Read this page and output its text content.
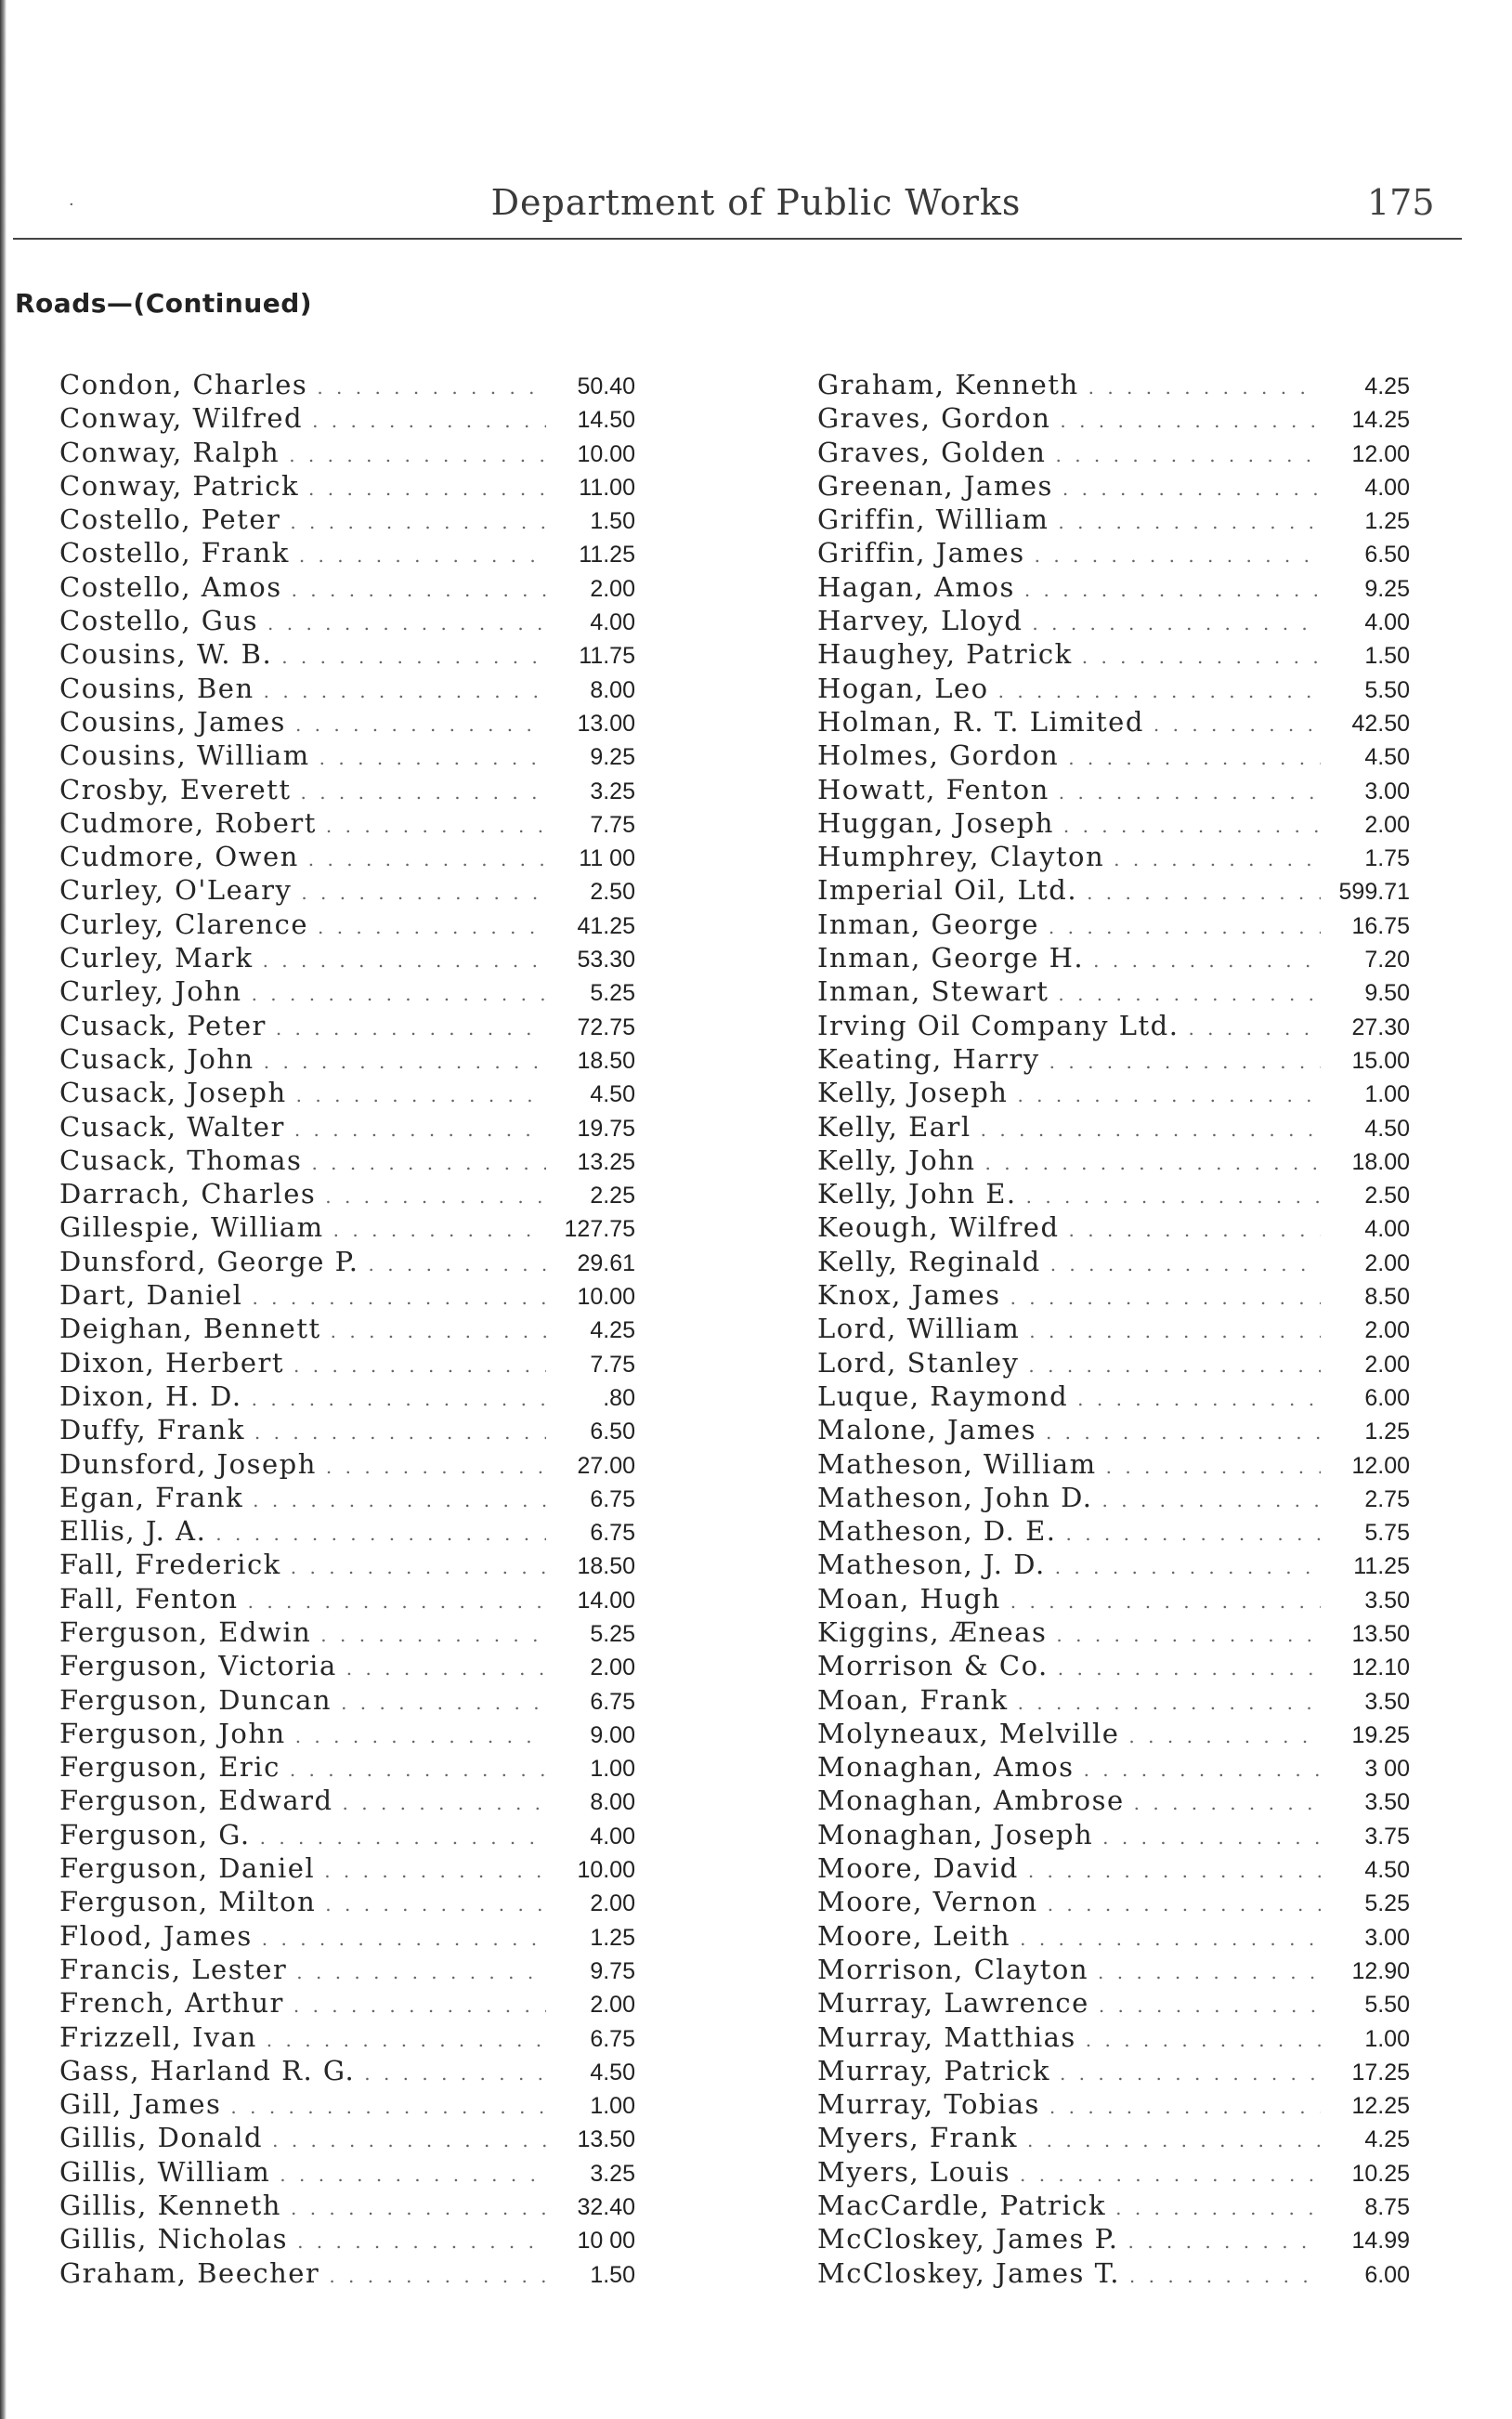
·	Department of Public Works	175
Roads—(Continued)
Condon, Charles . . .	50.40
Conway, Wilfred . . .	14.50
Conway, Ralph . . .	10.00
Conway, Patrick . . .	11.00
Costello, Peter . . .	1.50
Costello, Frank . . .	11.25
Costello, Amos . . .	2.00
Costello, Gus . . .	4.00
Cousins, W. B. . . .	11.75
Cousins, Ben . . .	8.00
Cousins, James . . .	13.00
Cousins, William . . .	9.25
Crosby, Everett . . .	3.25
Cudmore, Robert . . .	7.75
Cudmore, Owen . . .	11 00
Curley, O'Leary . . .	2.50
Curley, Clarence . . .	41.25
Curley, Mark . . .	53.30
Curley, John . . .	5.25
Cusack, Peter . . .	72.75
Cusack, John . . .	18.50
Cusack, Joseph . . .	4.50
Cusack, Walter . . .	19.75
Cusack, Thomas . . .	13.25
Darrach, Charles . . .	2.25
Gillespie, William . . .	127.75
Dunsford, George P. . . .	29.61
Dart, Daniel . . .	10.00
Deighan, Bennett . . .	4.25
Dixon, Herbert . . .	7.75
Dixon, H. D. . . .	.80
Duffy, Frank . . .	6.50
Dunsford, Joseph . . .	27.00
Egan, Frank . . .	6.75
Ellis, J. A. . . .	6.75
Fall, Frederick . . .	18.50
Fall, Fenton . . .	14.00
Ferguson, Edwin . . .	5.25
Ferguson, Victoria . . .	2.00
Ferguson, Duncan . . .	6.75
Ferguson, John . . .	9.00
Ferguson, Eric . . .	1.00
Ferguson, Edward . . .	8.00
Ferguson, G. . . .	4.00
Ferguson, Daniel . . .	10.00
Ferguson, Milton . . .	2.00
Flood, James . . .	1.25
Francis, Lester . . .	9.75
French, Arthur . . .	2.00
Frizzell, Ivan . . .	6.75
Gass, Harland R. G. . . .	4.50
Gill, James . . .	1.00
Gillis, Donald . . .	13.50
Gillis, William . . .	3.25
Gillis, Kenneth . . .	32.40
Gillis, Nicholas . . .	10 00
Graham, Beecher . . .	1.50
Graham, Kenneth . . .	4.25
Graves, Gordon . . .	14.25
Graves, Golden . . .	12.00
Greenan, James . . .	4.00
Griffin, William . . .	1.25
Griffin, James . . .	6.50
Hagan, Amos . . .	9.25
Harvey, Lloyd . . .	4.00
Haughey, Patrick . . .	1.50
Hogan, Leo . . .	5.50
Holman, R. T. Limited . . .	42.50
Holmes, Gordon . . .	4.50
Howatt, Fenton . . .	3.00
Huggan, Joseph . . .	2.00
Humphrey, Clayton . . .	1.75
Imperial Oil, Ltd. . . .	599.71
Inman, George . . .	16.75
Inman, George H. . . .	7.20
Inman, Stewart . . .	9.50
Irving Oil Company Ltd. . . .	27.30
Keating, Harry . . .	15.00
Kelly, Joseph . . .	1.00
Kelly, Earl . . .	4.50
Kelly, John . . .	18.00
Kelly, John E. . . .	2.50
Keough, Wilfred . . .	4.00
Kelly, Reginald . . .	2.00
Knox, James . . .	8.50
Lord, William . . .	2.00
Lord, Stanley . . .	2.00
Luque, Raymond . . .	6.00
Malone, James . . .	1.25
Matheson, William . . .	12.00
Matheson, John D. . . .	2.75
Matheson, D. E. . . .	5.75
Matheson, J. D. . . .	11.25
Moan, Hugh . . .	3.50
Kiggins, Æneas . . .	13.50
Morrison & Co. . . .	12.10
Moan, Frank . . .	3.50
Molyneaux, Melville . . .	19.25
Monaghan, Amos . . .	3 00
Monaghan, Ambrose . . .	3.50
Monaghan, Joseph . . .	3.75
Moore, David . . .	4.50
Moore, Vernon . . .	5.25
Moore, Leith . . .	3.00
Morrison, Clayton . . .	12.90
Murray, Lawrence . . .	5.50
Murray, Matthias . . .	1.00
Murray, Patrick . . .	17.25
Murray, Tobias . . .	12.25
Myers, Frank . . .	4.25
Myers, Louis . . .	10.25
MacCardle, Patrick . . .	8.75
McCloskey, James P. . . .	14.99
McCloskey, James T. . . .	6.00
